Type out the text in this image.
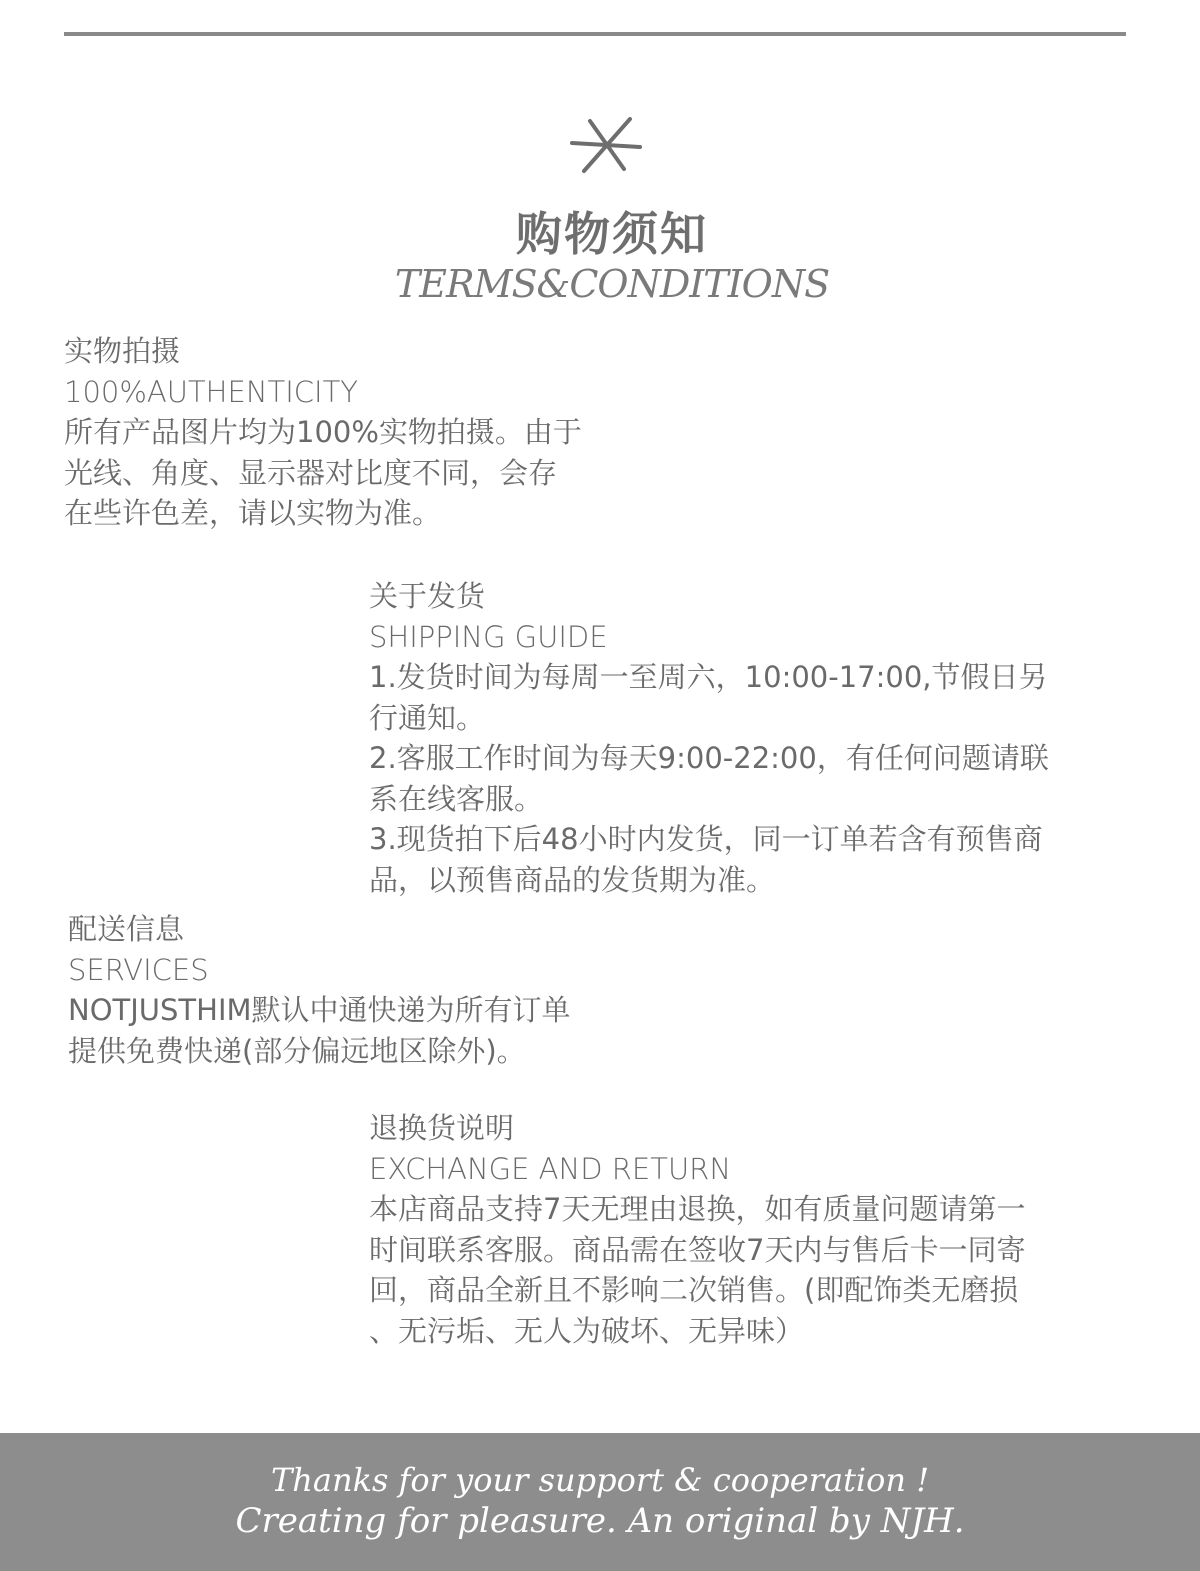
购物须知
TERMS&CONDITIONS
实物拍摄
100%AUTHENTICITY

所有产品图片均为100%实物拍摄。由于

光线、角度、显示器对比度不同，会存

在些许色差，请以实物为准。

关于发货
SHIPPING GUIDE

1.发货时间为每周一至周六，10:00-17:00,节假日另

行通知。

2.客服工作时间为每天9:00-22:00，有任何问题请联

系在线客服。

3.现货拍下后48小时内发货，同一订单若含有预售商

品，以预售商品的发货期为准。

配送信息
SERVICES

NOTJUSTHIM默认中通快递为所有订单

提供免费快递(部分偏远地区除外)。

退换货说明
EXCHANGE AND RETURN

本店商品支持7天无理由退换，如有质量问题请第一

时间联系客服。商品需在签收7天内与售后卡一同寄

回，商品全新且不影响二次销售。(即配饰类无磨损

、无污垢、无人为破坏、无异味）

Thanks for your support & cooperation !
Creating for pleasure. An original by NJH.
